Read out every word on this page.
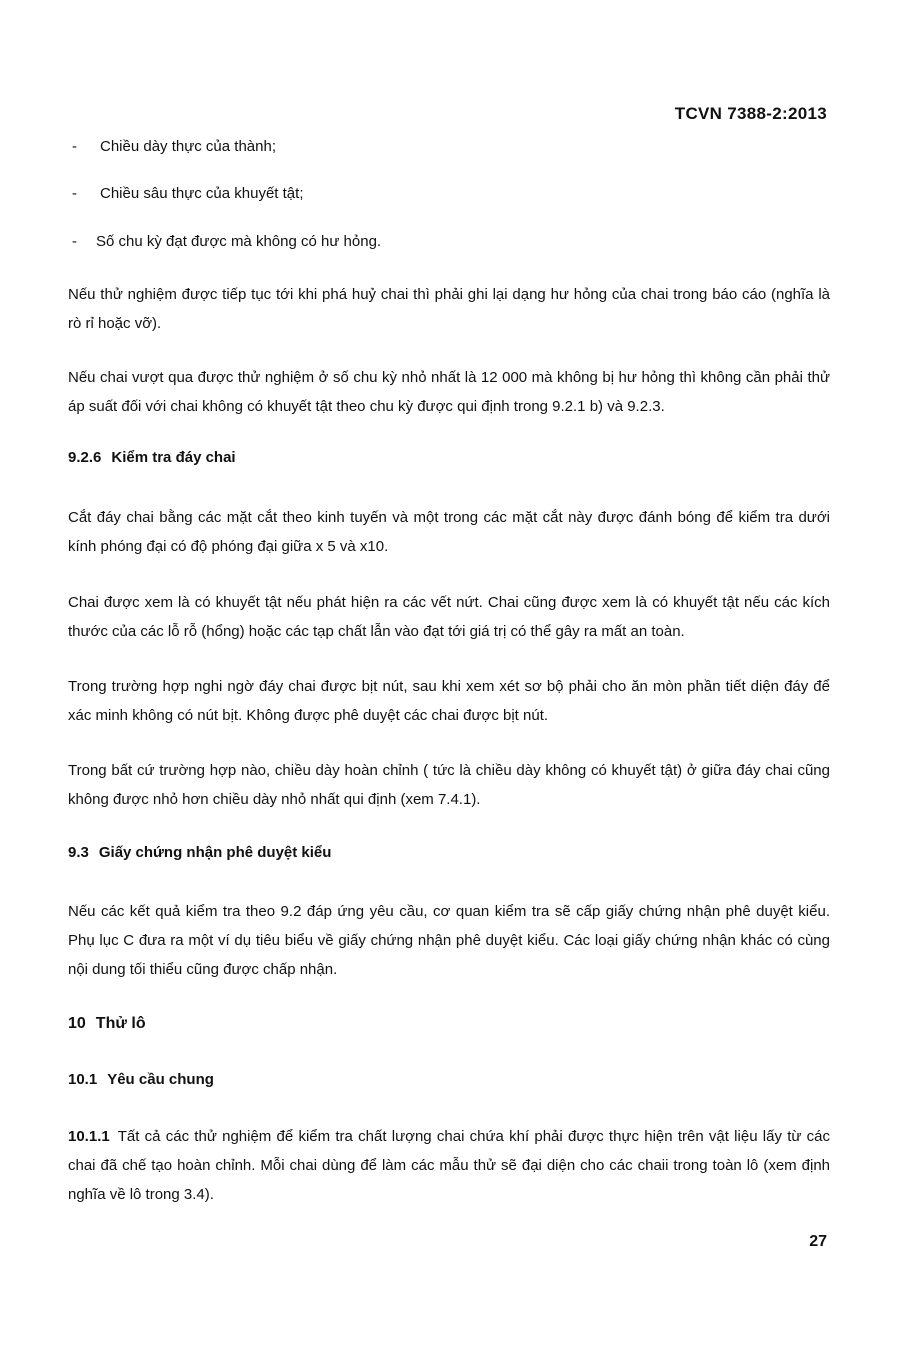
TCVN 7388-2:2013
- Chiều dày thực của thành;
- Chiều sâu thực của khuyết tật;
- Số chu kỳ đạt được mà không có hư hỏng.
Nếu thử nghiệm được tiếp tục tới khi phá huỷ chai thì phải ghi lại dạng hư hỏng của chai trong báo cáo (nghĩa là rò rỉ hoặc vỡ).
Nếu chai vượt qua được thử nghiệm ở số chu kỳ nhỏ nhất là 12 000 mà không bị hư hỏng thì không cần phải thử áp suất đối với chai không có khuyết tật theo chu kỳ được qui định trong 9.2.1 b) và 9.2.3.
9.2.6 Kiểm tra đáy chai
Cắt đáy chai bằng các mặt cắt theo kinh tuyến và một trong các mặt cắt này được đánh bóng để kiểm tra dưới kính phóng đại có độ phóng đại giữa x 5 và x10.
Chai được xem là có khuyết tật nếu phát hiện ra các vết nứt. Chai cũng được xem là có khuyết tật nếu các kích thước của các lỗ rỗ (hổng) hoặc các tạp chất lẫn vào đạt tới giá trị có thể gây ra mất an toàn.
Trong trường hợp nghi ngờ đáy chai được bịt nút, sau khi xem xét sơ bộ phải cho ăn mòn phần tiết diện đáy để xác minh không có nút bịt. Không được phê duyệt các chai được bịt nút.
Trong bất cứ trường hợp nào, chiều dày hoàn chỉnh ( tức là chiều dày không có khuyết tật) ở giữa đáy chai cũng không được nhỏ hơn chiều dày nhỏ nhất qui định (xem 7.4.1).
9.3 Giấy chứng nhận phê duyệt kiểu
Nếu các kết quả kiểm tra theo 9.2 đáp ứng yêu cầu, cơ quan kiểm tra sẽ cấp giấy chứng nhận phê duyệt kiểu. Phụ lục C đưa ra một ví dụ tiêu biểu về giấy chứng nhận phê duyệt kiểu. Các loại giấy chứng nhận khác có cùng nội dung tối thiểu cũng được chấp nhận.
10 Thử lô
10.1 Yêu cầu chung
10.1.1 Tất cả các thử nghiệm để kiểm tra chất lượng chai chứa khí phải được thực hiện trên vật liệu lấy từ các chai đã chế tạo hoàn chỉnh. Mỗi chai dùng để làm các mẫu thử sẽ đại diện cho các chaii trong toàn lô (xem định nghĩa về lô trong 3.4).
27
